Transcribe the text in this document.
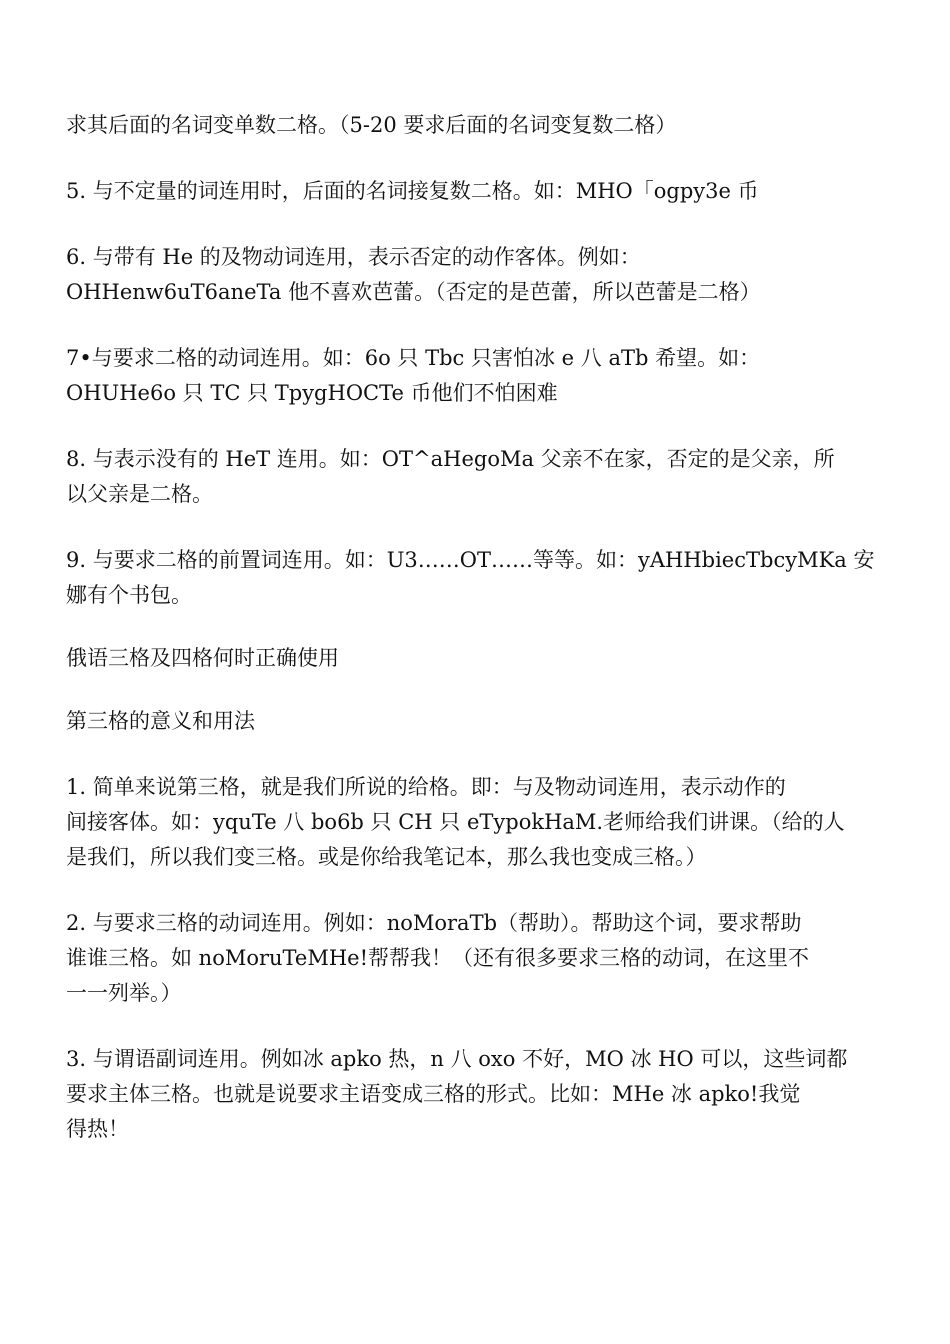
求其后面的名词变单数二格。（5-20 要求后面的名词变复数二格）

5. 与不定量的词连用时，后面的名词接复数二格。如：MHO「ogpy3e 币

6. 与带有 He 的及物动词连用，表示否定的动作客体。例如：
OHHenw6uT6aneTa 他不喜欢芭蕾。（否定的是芭蕾，所以芭蕾是二格）

7•与要求二格的动词连用。如：6o 只 Tbc 只害怕冰 e 八 aTb 希望。如：
OHUHe6o 只 TC 只 TpygHOCTe 币他们不怕困难

8. 与表示没有的 HeT 连用。如：OT^aHegoMa 父亲不在家，否定的是父亲，所
以父亲是二格。

9. 与要求二格的前置词连用。如：U3……OT……等等。如：yAHHbiecTbcyMKa 安
娜有个书包。

俄语三格及四格何时正确使用

第三格的意义和用法

1. 简单来说第三格，就是我们所说的给格。即：与及物动词连用，表示动作的
间接客体。如：yquTe 八 bo6b 只 CH 只 eTypokHaM.老师给我们讲课。（给的人
是我们，所以我们变三格。或是你给我笔记本，那么我也变成三格。）

2. 与要求三格的动词连用。例如：noMoraTb（帮助）。帮助这个词，要求帮助
谁谁三格。如 noMoruTeMHe!帮帮我！（还有很多要求三格的动词，在这里不
一一列举。）

3. 与谓语副词连用。例如冰 apko 热，n 八 oxo 不好，MO 冰 HO 可以，这些词都
要求主体三格。也就是说要求主语变成三格的形式。比如：MHe 冰 apko!我觉
得热！
